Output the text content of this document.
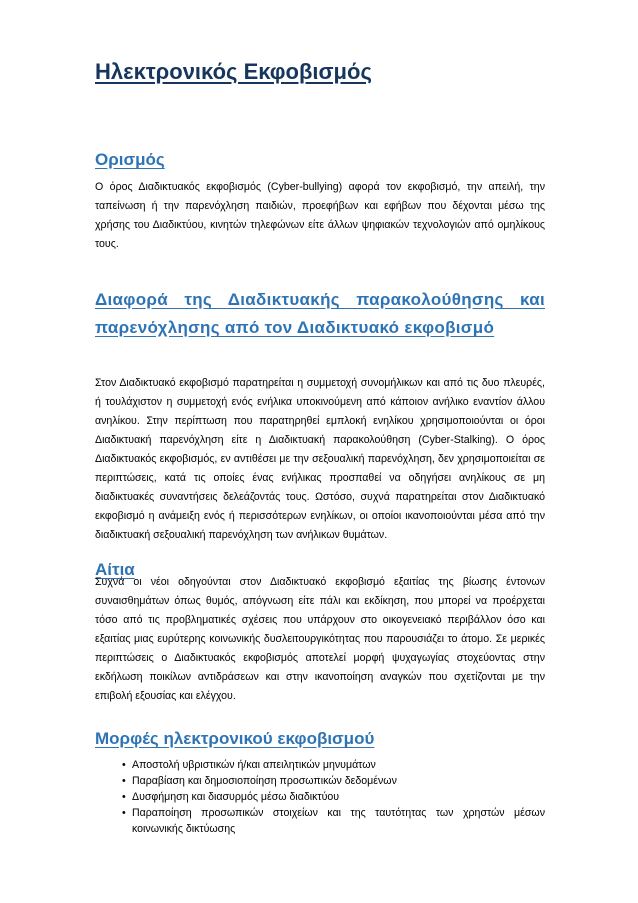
Ηλεκτρονικός Εκφοβισμός
Ορισμός
Ο όρος Διαδικτυακός εκφοβισμός (Cyber-bullying) αφορά τον εκφοβισμό, την απειλή, την ταπείνωση ή την παρενόχληση παιδιών, προεφήβων και εφήβων που δέχονται μέσω της χρήσης του Διαδικτύου, κινητών τηλεφώνων είτε άλλων ψηφιακών τεχνολογιών από ομηλίκους τους.
Διαφορά της Διαδικτυακής παρακολούθησης και παρενόχλησης από τον Διαδικτυακό εκφοβισμό
Στον Διαδικτυακό εκφοβισμό παρατηρείται η συμμετοχή συνομήλικων και από τις δυο πλευρές, ή τουλάχιστον η συμμετοχή ενός ενήλικα υποκινούμενη από κάποιον ανήλικο εναντίον άλλου ανηλίκου. Στην περίπτωση που παρατηρηθεί εμπλοκή ενηλίκου χρησιμοποιούνται οι όροι Διαδικτυακή παρενόχληση είτε η Διαδικτυακή παρακολούθηση (Cyber-Stalking). Ο όρος Διαδικτυακός εκφοβισμός, εν αντιθέσει με την σεξουαλική παρενόχληση, δεν χρησιμοποιείται σε περιπτώσεις, κατά τις οποίες ένας ενήλικας προσπαθεί να οδηγήσει ανηλίκους σε μη διαδικτυακές συναντήσεις δελεάζοντάς τους. Ωστόσο, συχνά παρατηρείται στον Διαδικτυακό εκφοβισμό η ανάμειξη ενός ή περισσότερων ενηλίκων, οι οποίοι ικανοποιούνται μέσα από την διαδικτυακή σεξουαλική παρενόχληση των ανήλικων θυμάτων.
Αίτια
Συχνά οι νέοι οδηγούνται στον Διαδικτυακό εκφοβισμό εξαιτίας της βίωσης έντονων συναισθημάτων όπως θυμός, απόγνωση είτε πάλι και εκδίκηση, που μπορεί να προέρχεται τόσο από τις προβληματικές σχέσεις που υπάρχουν στο οικογενειακό περιβάλλον όσο και εξαιτίας μιας ευρύτερης κοινωνικής δυσλειτουργικότητας που παρουσιάζει το άτομο. Σε μερικές περιπτώσεις ο Διαδικτυακός εκφοβισμός αποτελεί μορφή ψυχαγωγίας στοχεύοντας στην εκδήλωση ποικίλων αντιδράσεων και στην ικανοποίηση αναγκών που σχετίζονται με την επιβολή εξουσίας και ελέγχου.
Μορφές ηλεκτρονικού εκφοβισμού
• Αποστολή υβριστικών ή/και απειλητικών μηνυμάτων
• Παραβίαση και δημοσιοποίηση προσωπικών δεδομένων
• Δυσφήμηση και διασυρμός μέσω διαδικτύου
• Παραποίηση προσωπικών στοιχείων και της ταυτότητας των χρηστών μέσων κοινωνικής δικτύωσης
